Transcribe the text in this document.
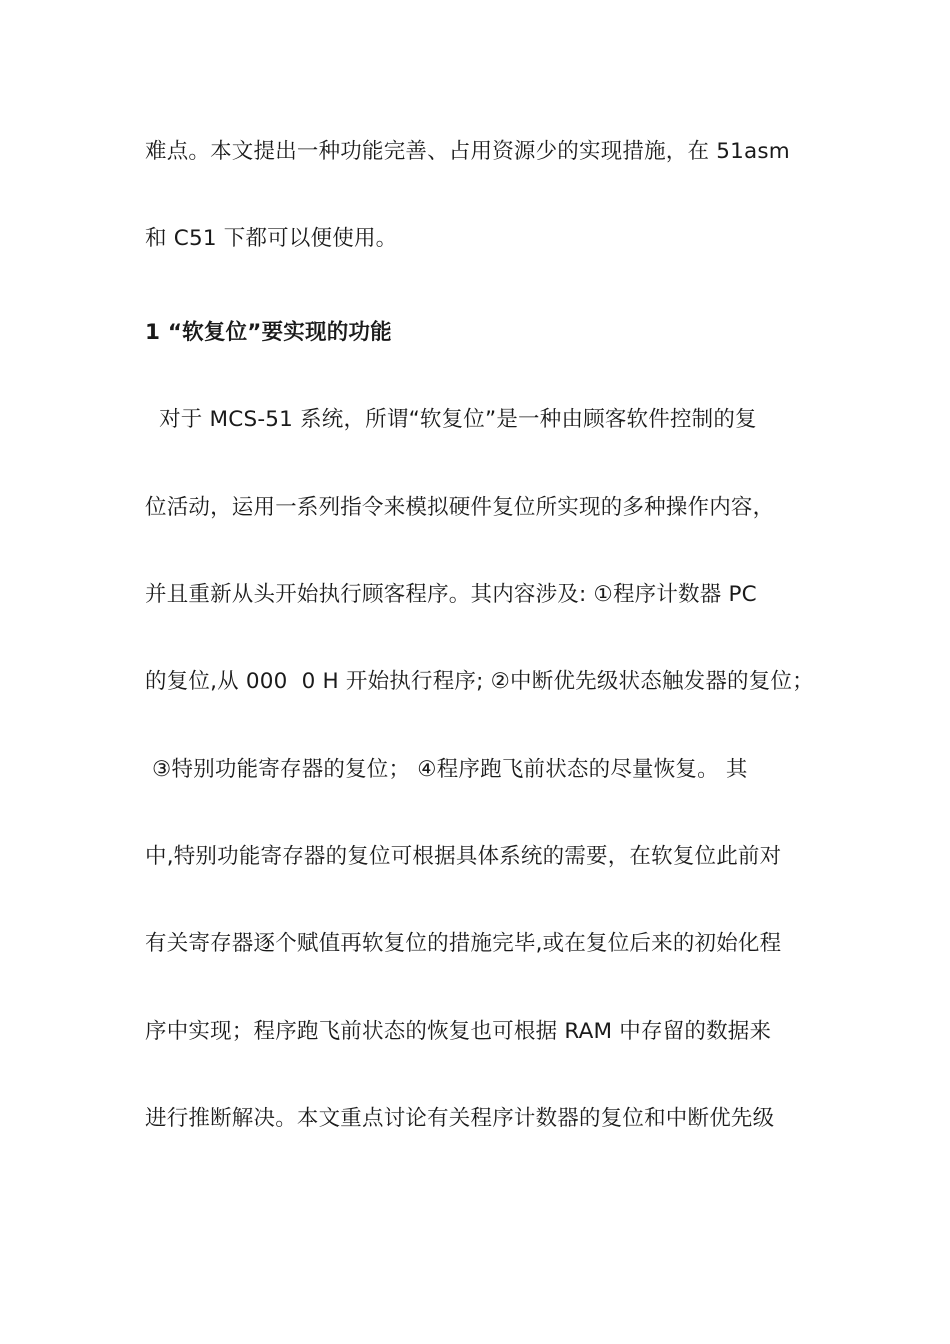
难点。本文提出一种功能完善、占用资源少的实现措施，在 51asm
和 C51 下都可以便使用。
1 “软复位”要实现的功能
对于 MCS-51 系统，所谓“软复位”是一种由顾客软件控制的复
位活动，运用一系列指令来模拟硬件复位所实现的多种操作内容，
并且重新从头开始执行顾客程序。其内容涉及:﻿ ①程序计数器 PC
的复位,从 000  0 H 开始执行程序;﻿ ②中断优先级状态触发器的复位；
﻿ ③特别功能寄存器的复位；﻿ ④程序跑飞前状态的尽量恢复。﻿ 其
中,特别功能寄存器的复位可根据具体系统的需要，在软复位此前对
有关寄存器逐个赋值再软复位的措施完毕,或在复位后来的初始化程
序中实现；程序跑飞前状态的恢复也可根据 RAM 中存留的数据来
进行推断解决。本文重点讨论有关程序计数器的复位和中断优先级
